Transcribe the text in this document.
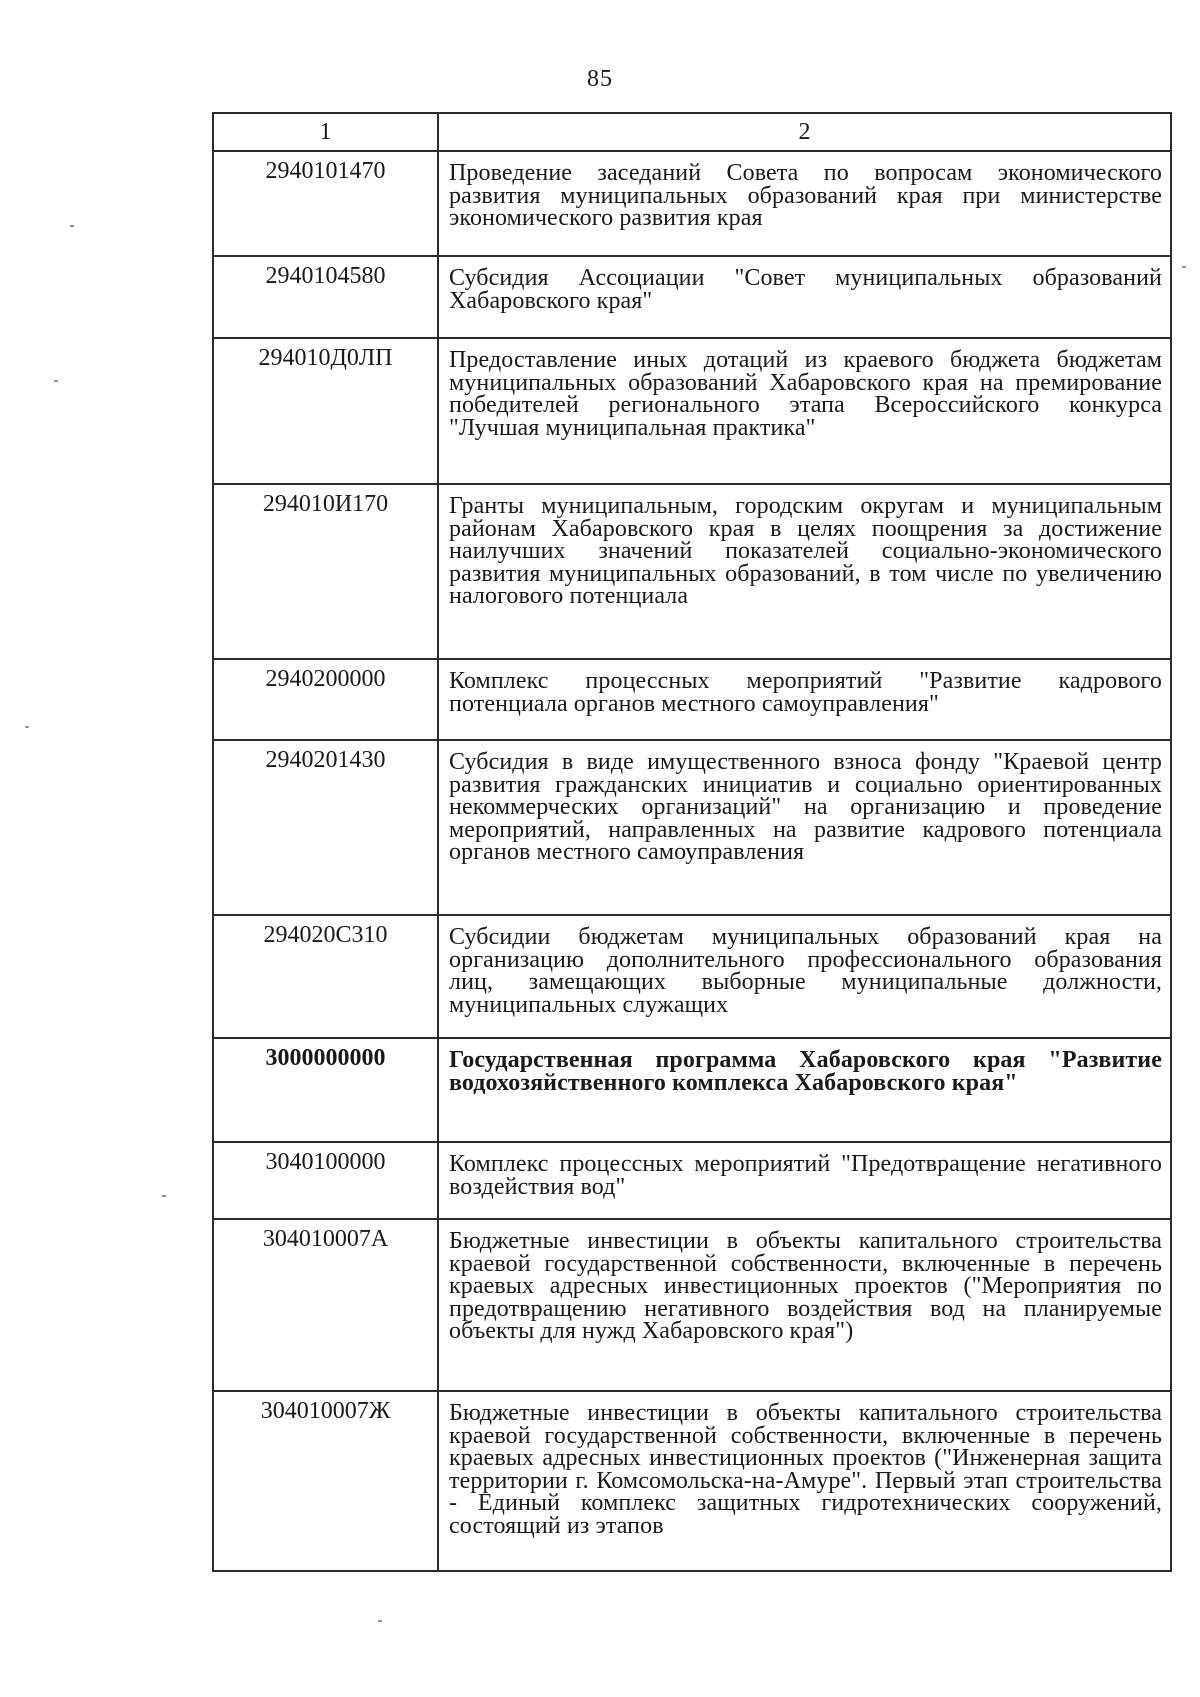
85
1	2
2940101470	Проведение заседаний Совета по вопросам экономического развития муниципальных образований края при министерстве экономического развития края
2940104580	Субсидия Ассоциации "Совет муниципальных образований Хабаровского края"
294010Д0ЛП	Предоставление иных дотаций из краевого бюджета бюджетам муниципальных образований Хабаровского края на премирование победителей регионального этапа Всероссийского конкурса "Лучшая муниципальная практика"
294010И170	Гранты муниципальным, городским округам и муниципальным районам Хабаровского края в целях поощрения за достижение наилучших значений показателей социально-экономического развития муниципальных образований, в том числе по увеличению налогового потенциала
2940200000	Комплекс процессных мероприятий "Развитие кадрового потенциала органов местного самоуправления"
2940201430	Субсидия в виде имущественного взноса фонду "Краевой центр развития гражданских инициатив и социально ориентированных некоммерческих организаций" на организацию и проведение мероприятий, направленных на развитие кадрового потенциала органов местного самоуправления
294020С310	Субсидии бюджетам муниципальных образований края на организацию дополнительного профессионального образования лиц, замещающих выборные муниципальные должности, муниципальных служащих
3000000000	Государственная программа Хабаровского края "Развитие водохозяйственного комплекса Хабаровского края"
3040100000	Комплекс процессных мероприятий "Предотвращение негативного воздействия вод"
304010007А	Бюджетные инвестиции в объекты капитального строительства краевой государственной собственности, включенные в перечень краевых адресных инвестиционных проектов ("Мероприятия по предотвращению негативного воздействия вод на планируемые объекты для нужд Хабаровского края")
304010007Ж	Бюджетные инвестиции в объекты капитального строительства краевой государственной собственности, включенные в перечень краевых адресных инвестиционных проектов ("Инженерная защита территории г. Комсомольска-на-Амуре". Первый этап строительства - Единый комплекс защитных гидротехнических сооружений, состоящий из этапов
